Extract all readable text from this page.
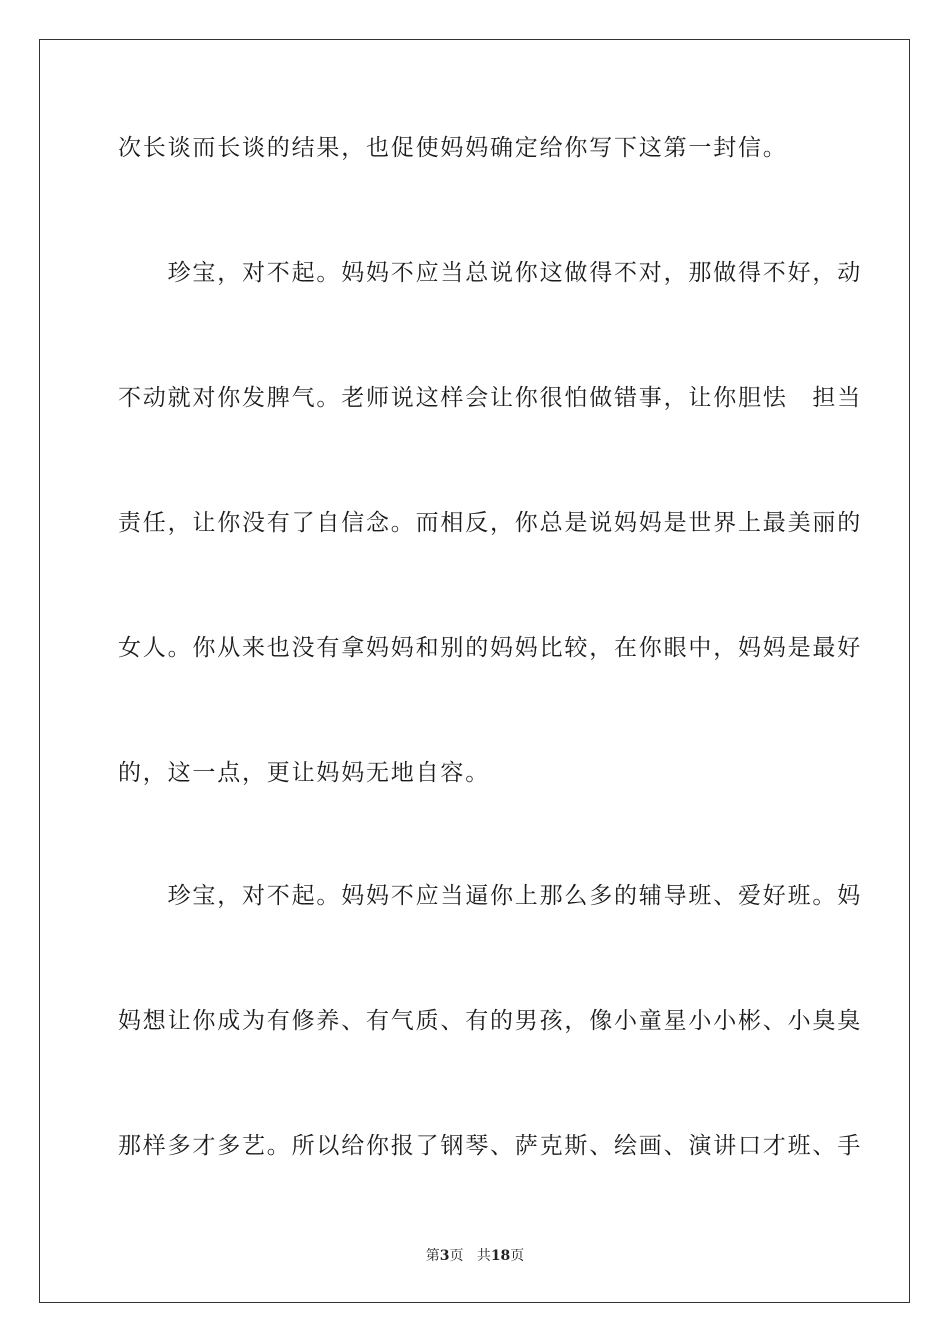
次长谈而长谈的结果，也促使妈妈确定给你写下这第一封信。
　　珍宝，对不起。妈妈不应当总说你这做得不对，那做得不好，动
不动就对你发脾气。老师说这样会让你很怕做错事，让你胆怯　担当
责任，让你没有了自信念。而相反，你总是说妈妈是世界上最美丽的
女人。你从来也没有拿妈妈和别的妈妈比较，在你眼中，妈妈是最好
的，这一点，更让妈妈无地自容。
　　珍宝，对不起。妈妈不应当逼你上那么多的辅导班、爱好班。妈
妈想让你成为有修养、有气质、有的男孩，像小童星小小彬、小臭臭
那样多才多艺。所以给你报了钢琴、萨克斯、绘画、演讲口才班、手
第3页 共18页
